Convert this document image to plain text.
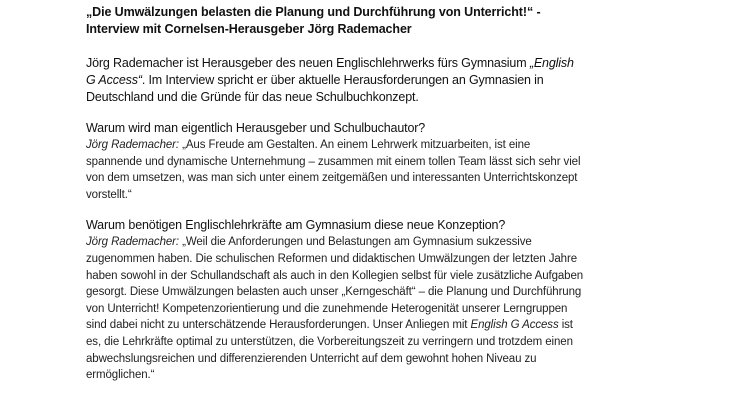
„Die Umwälzungen belasten die Planung und Durchführung von Unterricht!“ -
Interview mit Cornelsen-Herausgeber Jörg Rademacher

Jörg Rademacher ist Herausgeber des neuen Englischlehrwerks fürs Gymnasium „English G Access“. Im Interview spricht er über aktuelle Herausforderungen an Gymnasien in Deutschland und die Gründe für das neue Schulbuchkonzept.

Warum wird man eigentlich Herausgeber und Schulbuchautor?

Jörg Rademacher: „Aus Freude am Gestalten. An einem Lehrwerk mitzuarbeiten, ist eine spannende und dynamische Unternehmung – zusammen mit einem tollen Team lässt sich sehr viel von dem umsetzen, was man sich unter einem zeitgemäßen und interessanten Unterrichtskonzept vorstellt.“

Warum benötigen Englischlehrkräfte am Gymnasium diese neue Konzeption?

Jörg Rademacher: „Weil die Anforderungen und Belastungen am Gymnasium sukzessive zugenommen haben. Die schulischen Reformen und didaktischen Umwälzungen der letzten Jahre haben sowohl in der Schullandschaft als auch in den Kollegien selbst für viele zusätzliche Aufgaben gesorgt. Diese Umwälzungen belasten auch unser „Kerngeschäft“ – die Planung und Durchführung von Unterricht! Kompetenzorientierung und die zunehmende Heterogenität unserer Lerngruppen sind dabei nicht zu unterschätzende Herausforderungen. Unser Anliegen mit English G Access ist es, die Lehrkräfte optimal zu unterstützen, die Vorbereitungszeit zu verringern und trotzdem einen abwechslungsreichen und differenzierenden Unterricht auf dem gewohnt hohen Niveau zu ermöglichen.“
